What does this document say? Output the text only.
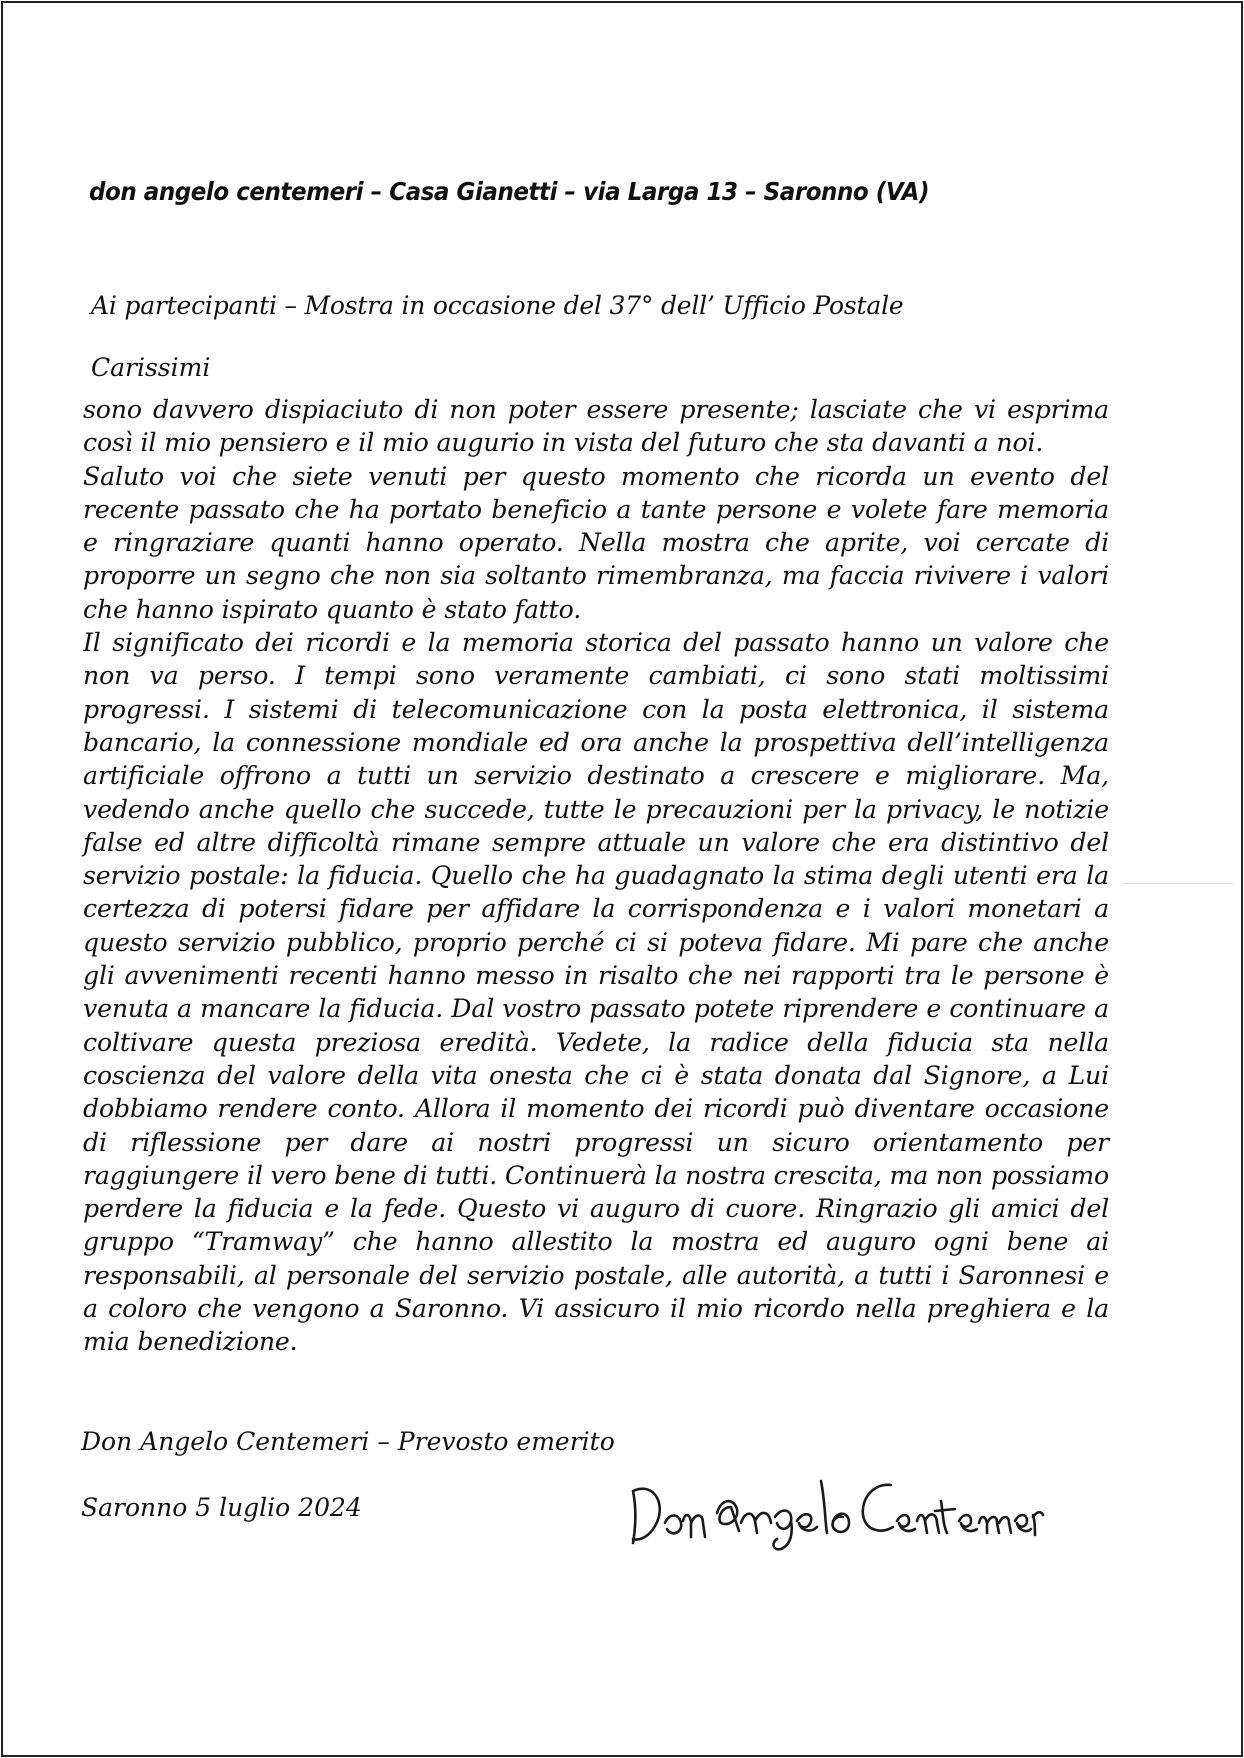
don angelo centemeri – Casa Gianetti – via Larga 13 – Saronno (VA)
Ai partecipanti – Mostra in occasione del 37° dell’ Ufficio Postale
Carissimi

sono davvero dispiaciuto di non poter essere presente; lasciate che vi esprima così il mio pensiero e il mio augurio in vista del futuro che sta davanti a noi.

Saluto voi che siete venuti per questo momento che ricorda un evento del recente passato che ha portato beneficio a tante persone e volete fare memoria e ringraziare quanti hanno operato. Nella mostra che aprite, voi cercate di proporre un segno che non sia soltanto rimembranza, ma faccia rivivere i valori che hanno ispirato quanto è stato fatto.

Il significato dei ricordi e la memoria storica del passato hanno un valore che non va perso. I tempi sono veramente cambiati, ci sono stati moltissimi progressi. I sistemi di telecomunicazione con la posta elettronica, il sistema bancario, la connessione mondiale ed ora anche la prospettiva dell’intelligenza artificiale offrono a tutti un servizio destinato a crescere e migliorare. Ma, vedendo anche quello che succede, tutte le precauzioni per la privacy, le notizie false ed altre difficoltà rimane sempre attuale un valore che era distintivo del servizio postale: la fiducia. Quello che ha guadagnato la stima degli utenti era la certezza di potersi fidare per affidare la corrispondenza e i valori monetari a questo servizio pubblico, proprio perché ci si poteva fidare. Mi pare che anche gli avvenimenti recenti hanno messo in risalto che nei rapporti tra le persone è venuta a mancare la fiducia. Dal vostro passato potete riprendere e continuare a coltivare questa preziosa eredità. Vedete, la radice della fiducia sta nella coscienza del valore della vita onesta che ci è stata donata dal Signore, a Lui dobbiamo rendere conto. Allora il momento dei ricordi può diventare occasione di riflessione per dare ai nostri progressi un sicuro orientamento per raggiungere il vero bene di tutti. Continuerà la nostra crescita, ma non possiamo perdere la fiducia e la fede. Questo vi auguro di cuore. Ringrazio gli amici del gruppo “Tramway” che hanno allestito la mostra ed auguro ogni bene ai responsabili, al personale del servizio postale, alle autorità, a tutti i Saronnesi e a coloro che vengono a Saronno. Vi assicuro il mio ricordo nella preghiera e la mia benedizione.

Don Angelo Centemeri – Prevosto emerito
Saronno 5 luglio 2024
